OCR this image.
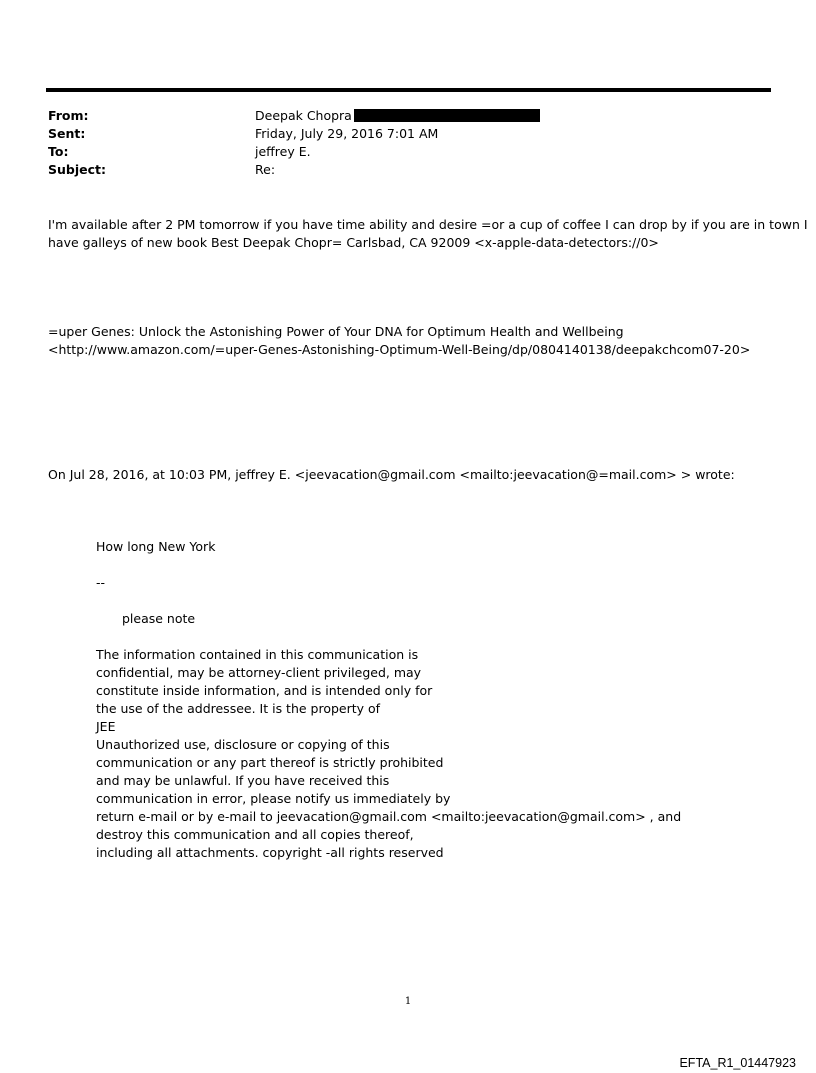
From:	Deepak Chopra
Sent:	Friday, July 29, 2016 7:01 AM
To:	jeffrey E.
Subject:	Re:
I'm available after 2 PM tomorrow if you have time ability and desire =or a cup of coffee I can drop by if you are in town I
have galleys of new book Best Deepak Chopr= Carlsbad, CA 92009 <x-apple-data-detectors://0>
=uper Genes: Unlock the Astonishing Power of Your DNA for Optimum Health and Wellbeing
<http://www.amazon.com/=uper-Genes-Astonishing-Optimum-Well-Being/dp/0804140138/deepakchcom07-20>
On Jul 28, 2016, at 10:03 PM, jeffrey E. <jeevacation@gmail.com <mailto:jeevacation@=mail.com> > wrote:
How long New York
--
please note
The information contained in this communication is
confidential, may be attorney-client privileged, may
constitute inside information, and is intended only for
the use of the addressee. It is the property of
JEE
Unauthorized use, disclosure or copying of this
communication or any part thereof is strictly prohibited
and may be unlawful. If you have received this
communication in error, please notify us immediately by
return e-mail or by e-mail to jeevacation@gmail.com <mailto:jeevacation@gmail.com> , and
destroy this communication and all copies thereof,
including all attachments. copyright -all rights reserved
1
EFTA_R1_01447923
